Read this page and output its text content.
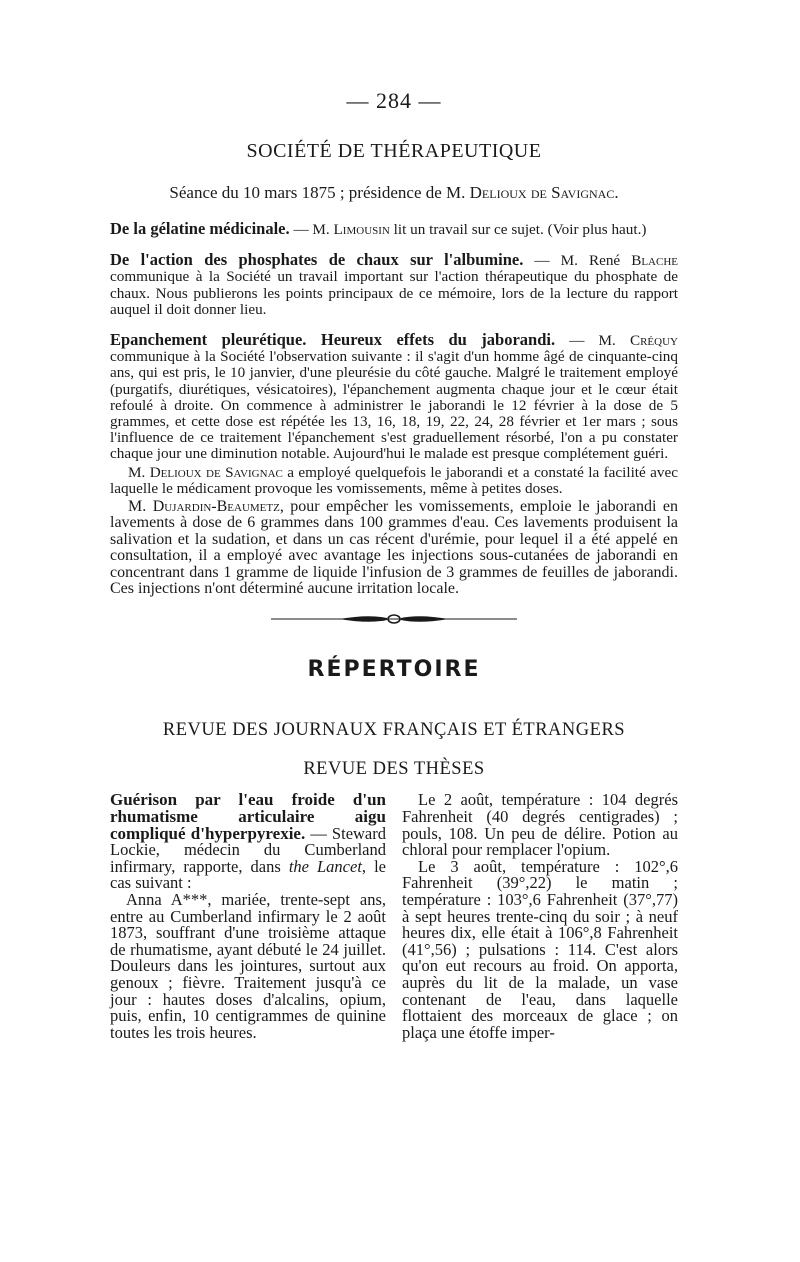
— 284 —
SOCIÉTÉ DE THÉRAPEUTIQUE
Séance du 10 mars 1875 ; présidence de M. Delioux de Savignac.

De la gélatine médicinale. — M. Limousin lit un travail sur ce sujet. (Voir plus haut.)

De l'action des phosphates de chaux sur l'albumine. — M. René Blache communique à la Société un travail important sur l'action thérapeutique du phosphate de chaux. Nous publierons les points principaux de ce mémoire, lors de la lecture du rapport auquel il doit donner lieu.

Epanchement pleurétique. Heureux effets du jaborandi. — M. Créquy communique à la Société l'observation suivante : il s'agit d'un homme âgé de cinquante-cinq ans, qui est pris, le 10 janvier, d'une pleurésie du côté gauche. Malgré le traitement employé (purgatifs, diurétiques, vésicatoires), l'épanchement augmenta chaque jour et le cœur était refoulé à droite. On commence à administrer le jaborandi le 12 février à la dose de 5 grammes, et cette dose est répétée les 13, 16, 18, 19, 22, 24, 28 février et 1er mars ; sous l'influence de ce traitement l'épanchement s'est graduellement résorbé, l'on a pu constater chaque jour une diminution notable. Aujourd'hui le malade est presque complétement guéri.

M. Delioux de Savignac a employé quelquefois le jaborandi et a constaté la facilité avec laquelle le médicament provoque les vomissements, même à petites doses.

M. Dujardin-Beaumetz, pour empêcher les vomissements, emploie le jaborandi en lavements à dose de 6 grammes dans 100 grammes d'eau. Ces lavements produisent la salivation et la sudation, et dans un cas récent d'urémie, pour lequel il a été appelé en consultation, il a employé avec avantage les injections sous-cutanées de jaborandi en concentrant dans 1 gramme de liquide l'infusion de 3 grammes de feuilles de jaborandi. Ces injections n'ont déterminé aucune irritation locale.

RÉPERTOIRE
REVUE DES JOURNAUX FRANÇAIS ET ÉTRANGERS
REVUE DES THÈSES

Guérison par l'eau froide d'un rhumatisme articulaire aigu compliqué d'hyperpyrexie. — Steward Lockie, médecin du Cumberland infirmary, rapporte, dans the Lancet, le cas suivant :

Anna A***, mariée, trente-sept ans, entre au Cumberland infirmary le 2 août 1873, souffrant d'une troisième attaque de rhumatisme, ayant débuté le 24 juillet. Douleurs dans les jointures, surtout aux genoux ; fièvre. Traitement jusqu'à ce jour : hautes doses d'alcalins, opium, puis, enfin, 10 centigrammes de quinine toutes les trois heures.

Le 2 août, température : 104 degrés Fahrenheit (40 degrés centigrades) ; pouls, 108. Un peu de délire. Potion au chloral pour remplacer l'opium.

Le 3 août, température : 102°,6 Fahrenheit (39°,22) le matin ; température : 103°,6 Fahrenheit (37°,77) à sept heures trente-cinq du soir ; à neuf heures dix, elle était à 106°,8 Fahrenheit (41°,56) ; pulsations : 114. C'est alors qu'on eut recours au froid. On apporta, auprès du lit de la malade, un vase contenant de l'eau, dans laquelle flottaient des morceaux de glace ; on plaça une étoffe imper-
